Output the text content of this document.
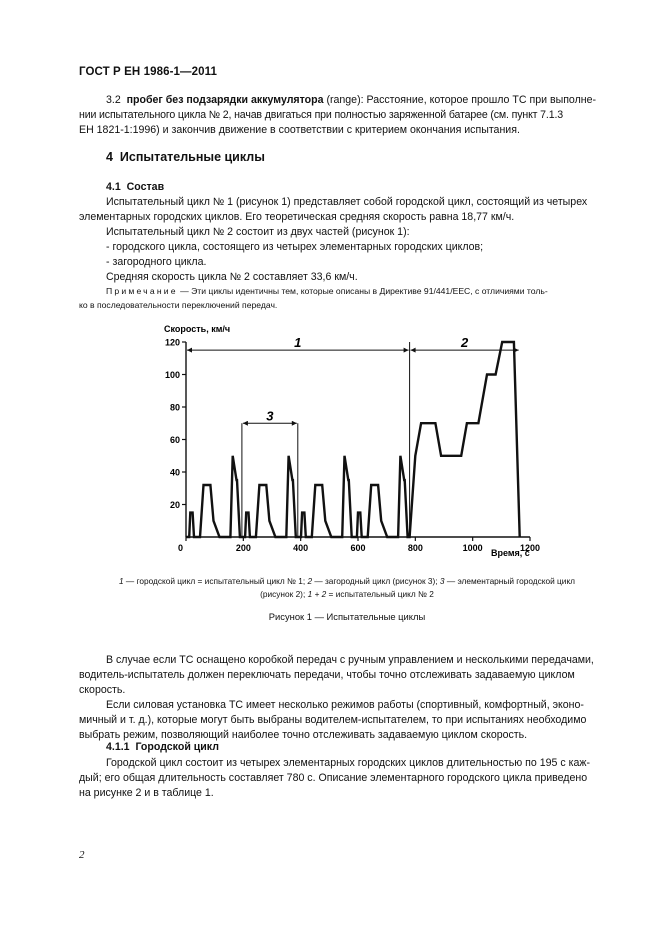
ГОСТ Р ЕН 1986-1—2011

3.2 пробег без подзарядки аккумулятора (range): Расстояние, которое прошло ТС при выполне-

нии испытательного цикла № 2, начав двигаться при полностью заряженной батарее (см. пункт 7.1.3

ЕН 1821-1:1996) и закончив движение в соответствии с критерием окончания испытания.

4 Испытательные циклы
4.1 Состав

Испытательный цикл № 1 (рисунок 1) представляет собой городской цикл, состоящий из четырех

элементарных городских циклов. Его теоретическая средняя скорость равна 18,77 км/ч.

Испытательный цикл № 2 состоит из двух частей (рисунок 1):

- городского цикла, состоящего из четырех элементарных городских циклов;

- загородного цикла.

Средняя скорость цикла № 2 составляет 33,6 км/ч.

Примечание — Эти циклы идентичны тем, которые описаны в Директиве 91/441/EEC, с отличиями толь-
ко в последовательности переключений передач.
Скорость, км/ч
Время, с
20
40
60
80
100
120
0	200	400	600	800	1000	1200
1	2
3
1 — городской цикл = испытательный цикл № 1; 2 — загородный цикл (рисунок 3); 3 — элементарный городской цикл
(рисунок 2); 1 + 2 = испытательный цикл № 2
Рисунок 1 — Испытательные циклы

В случае если ТС оснащено коробкой передач с ручным управлением и несколькими передачами,

водитель-испытатель должен переключать передачи, чтобы точно отслеживать задаваемую циклом

скорость.

Если силовая установка ТС имеет несколько режимов работы (спортивный, комфортный, эконо-

мичный и т. д.), которые могут быть выбраны водителем-испытателем, то при испытаниях необходимо

выбрать режим, позволяющий наиболее точно отслеживать задаваемую циклом скорость.

4.1.1 Городской цикл

Городской цикл состоит из четырех элементарных городских циклов длительностью по 195 с каж-

дый; его общая длительность составляет 780 с. Описание элементарного городского цикла приведено

на рисунке 2 и в таблице 1.

2
